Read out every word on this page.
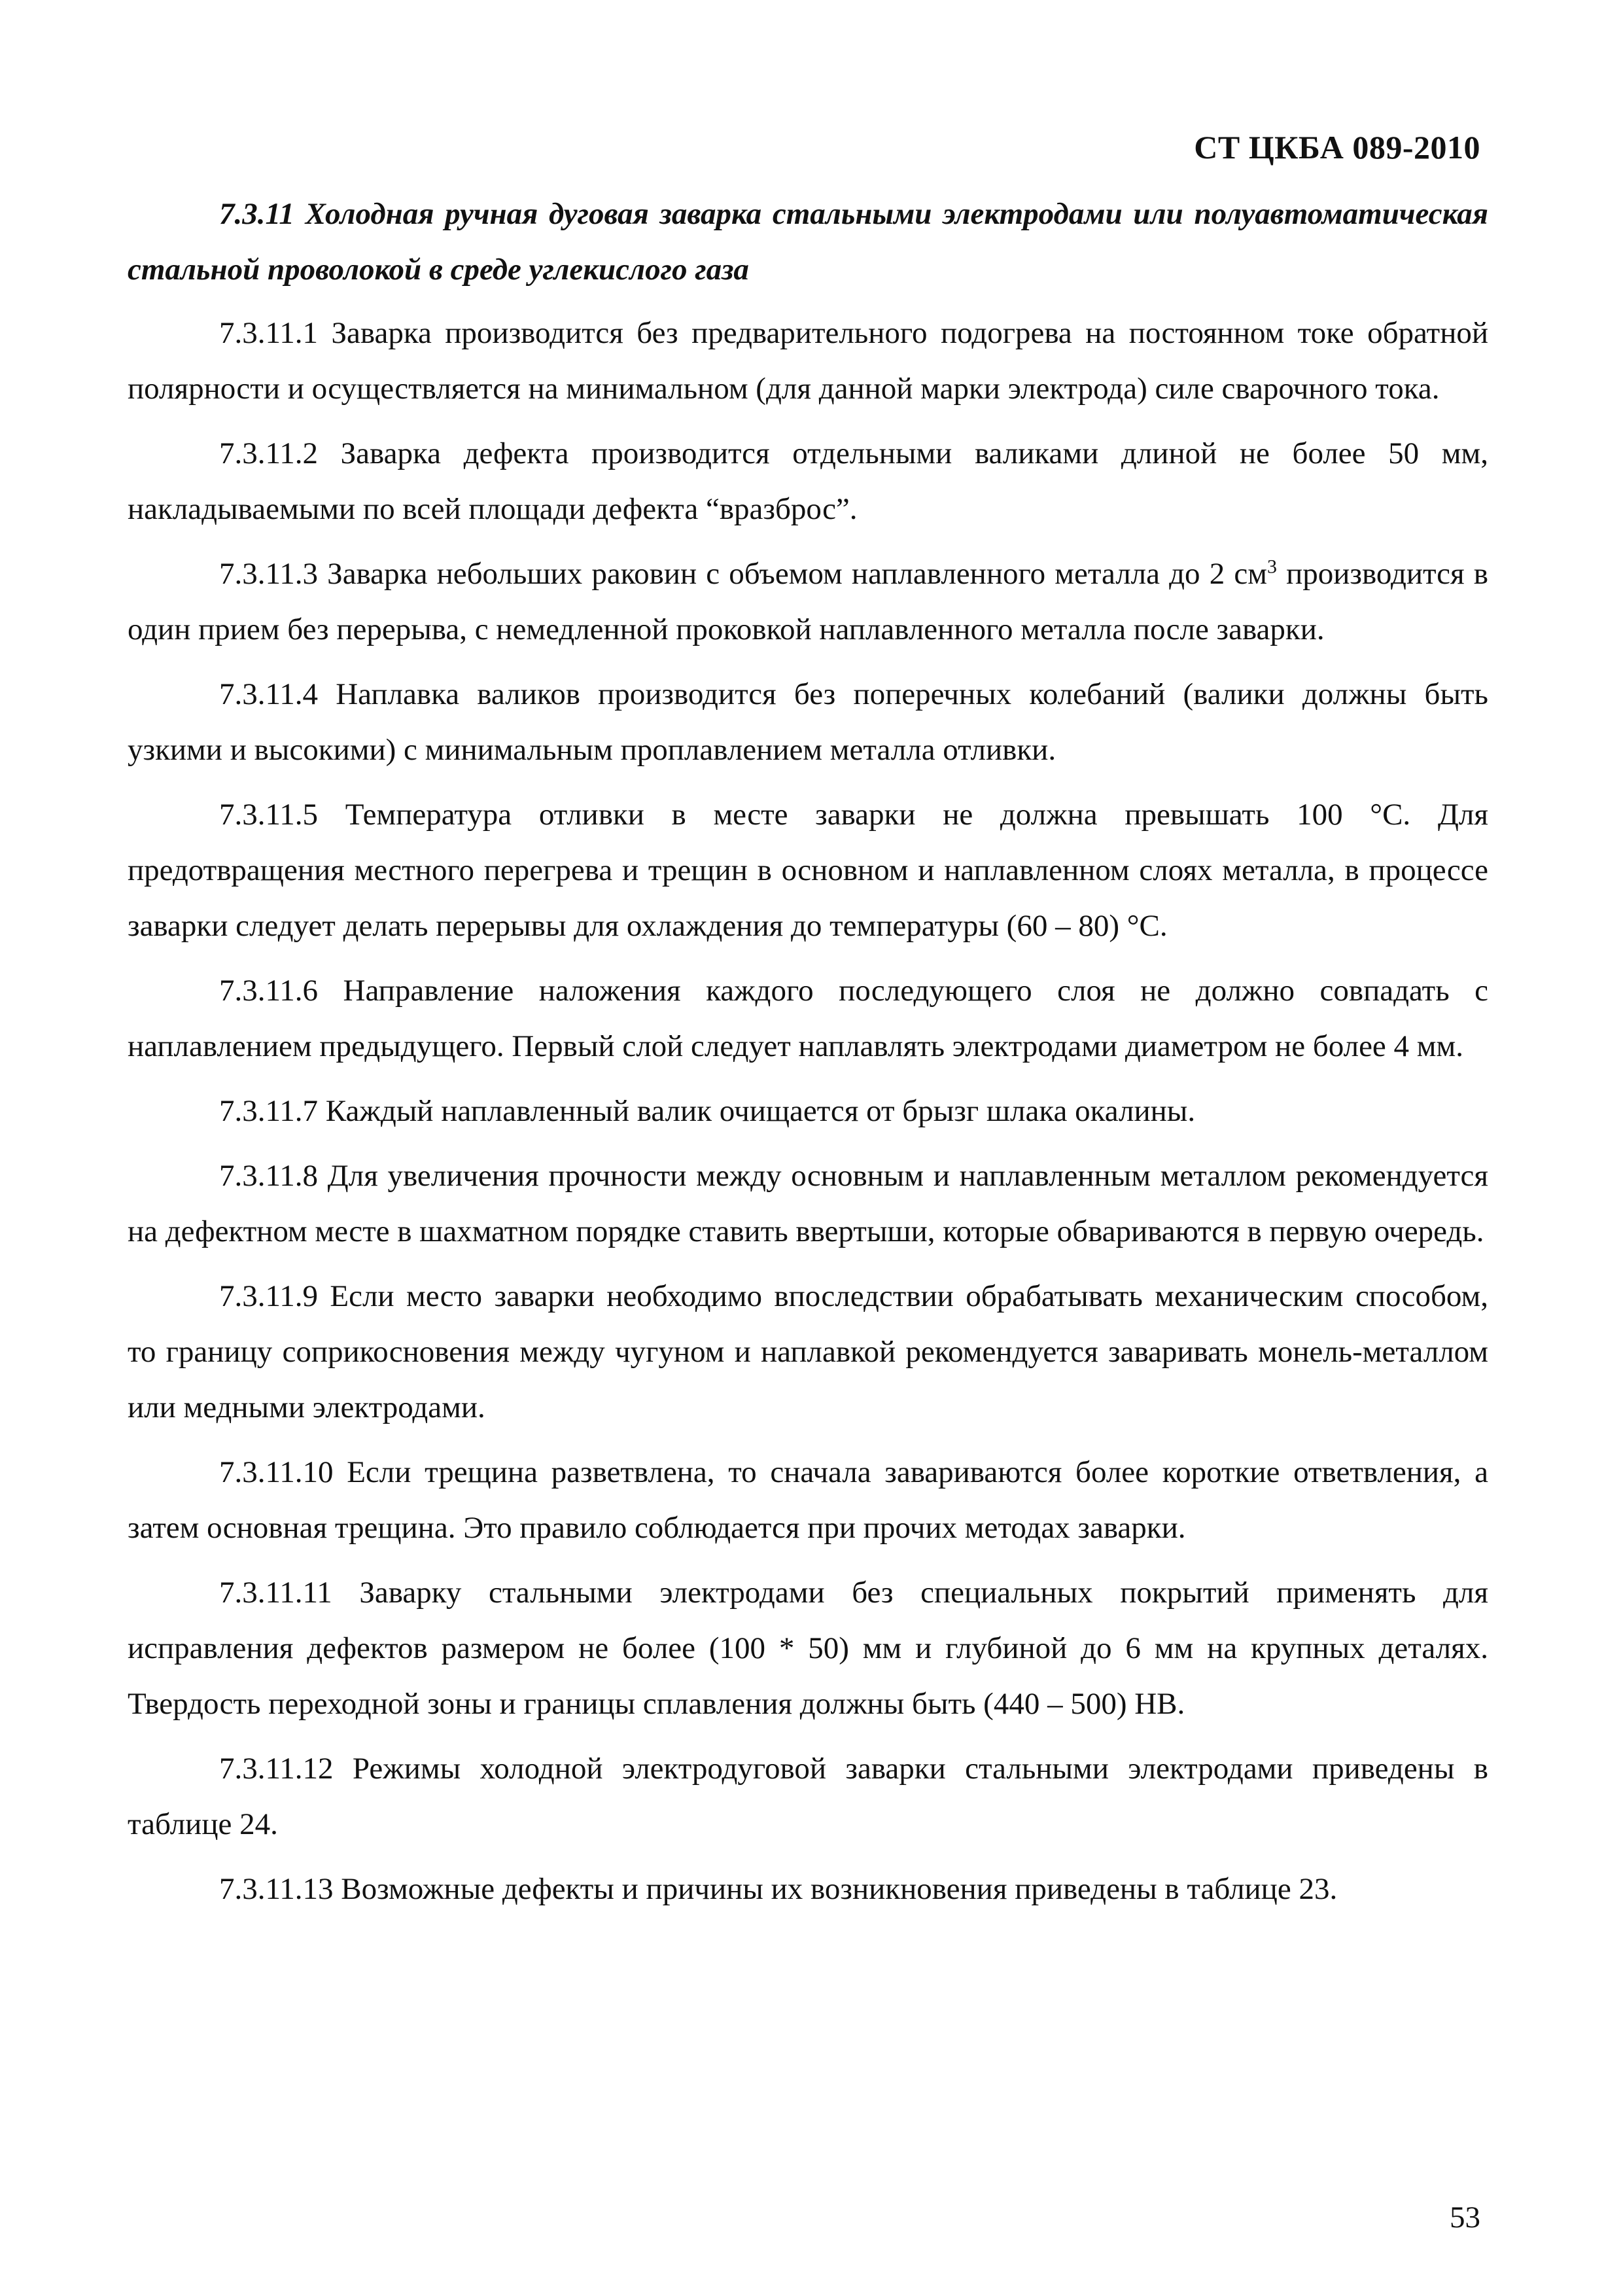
СТ ЦКБА 089-2010

7.3.11 Холодная ручная дуговая заварка стальными электродами или полуавтоматическая стальной проволокой в среде углекислого газа

7.3.11.1 Заварка производится без предварительного подогрева на постоянном токе обратной полярности и осуществляется на минимальном (для данной марки электрода) силе сварочного тока.

7.3.11.2 Заварка дефекта производится отдельными валиками длиной не более 50 мм, накладываемыми по всей площади дефекта “вразброс”.

7.3.11.3 Заварка небольших раковин с объемом наплавленного металла до 2 $см^3$ производится в один прием без перерыва, с немедленной проковкой наплавленного металла после заварки.

7.3.11.4 Наплавка валиков производится без поперечных колебаний (валики должны быть узкими и высокими) с минимальным проплавлением металла отливки.

7.3.11.5 Температура отливки в месте заварки не должна превышать 100 °С. Для предотвращения местного перегрева и трещин в основном и наплавленном слоях металла, в процессе заварки следует делать перерывы для охлаждения до температуры (60 – 80) °С.

7.3.11.6 Направление наложения каждого последующего слоя не должно совпадать с наплавлением предыдущего. Первый слой следует наплавлять электродами диаметром не более 4 мм.

7.3.11.7 Каждый наплавленный валик очищается от брызг шлака окалины.

7.3.11.8 Для увеличения прочности между основным и наплавленным металлом рекомендуется на дефектном месте в шахматном порядке ставить ввертыши, которые обвариваются в первую очередь.

7.3.11.9 Если место заварки необходимо впоследствии обрабатывать механическим способом, то границу соприкосновения между чугуном и наплавкой рекомендуется заваривать монель-металлом или медными электродами.

7.3.11.10 Если трещина разветвлена, то сначала завариваются более короткие ответвления, а затем основная трещина. Это правило соблюдается при прочих методах заварки.

7.3.11.11 Заварку стальными электродами без специальных покрытий применять для исправления дефектов размером не более (100 * 50) мм и глубиной до 6 мм на крупных деталях. Твердость переходной зоны и границы сплавления должны быть (440 – 500) НВ.

7.3.11.12 Режимы холодной электродуговой заварки стальными электродами приведены в таблице 24.

7.3.11.13 Возможные дефекты и причины их возникновения приведены в таблице 23.

53
